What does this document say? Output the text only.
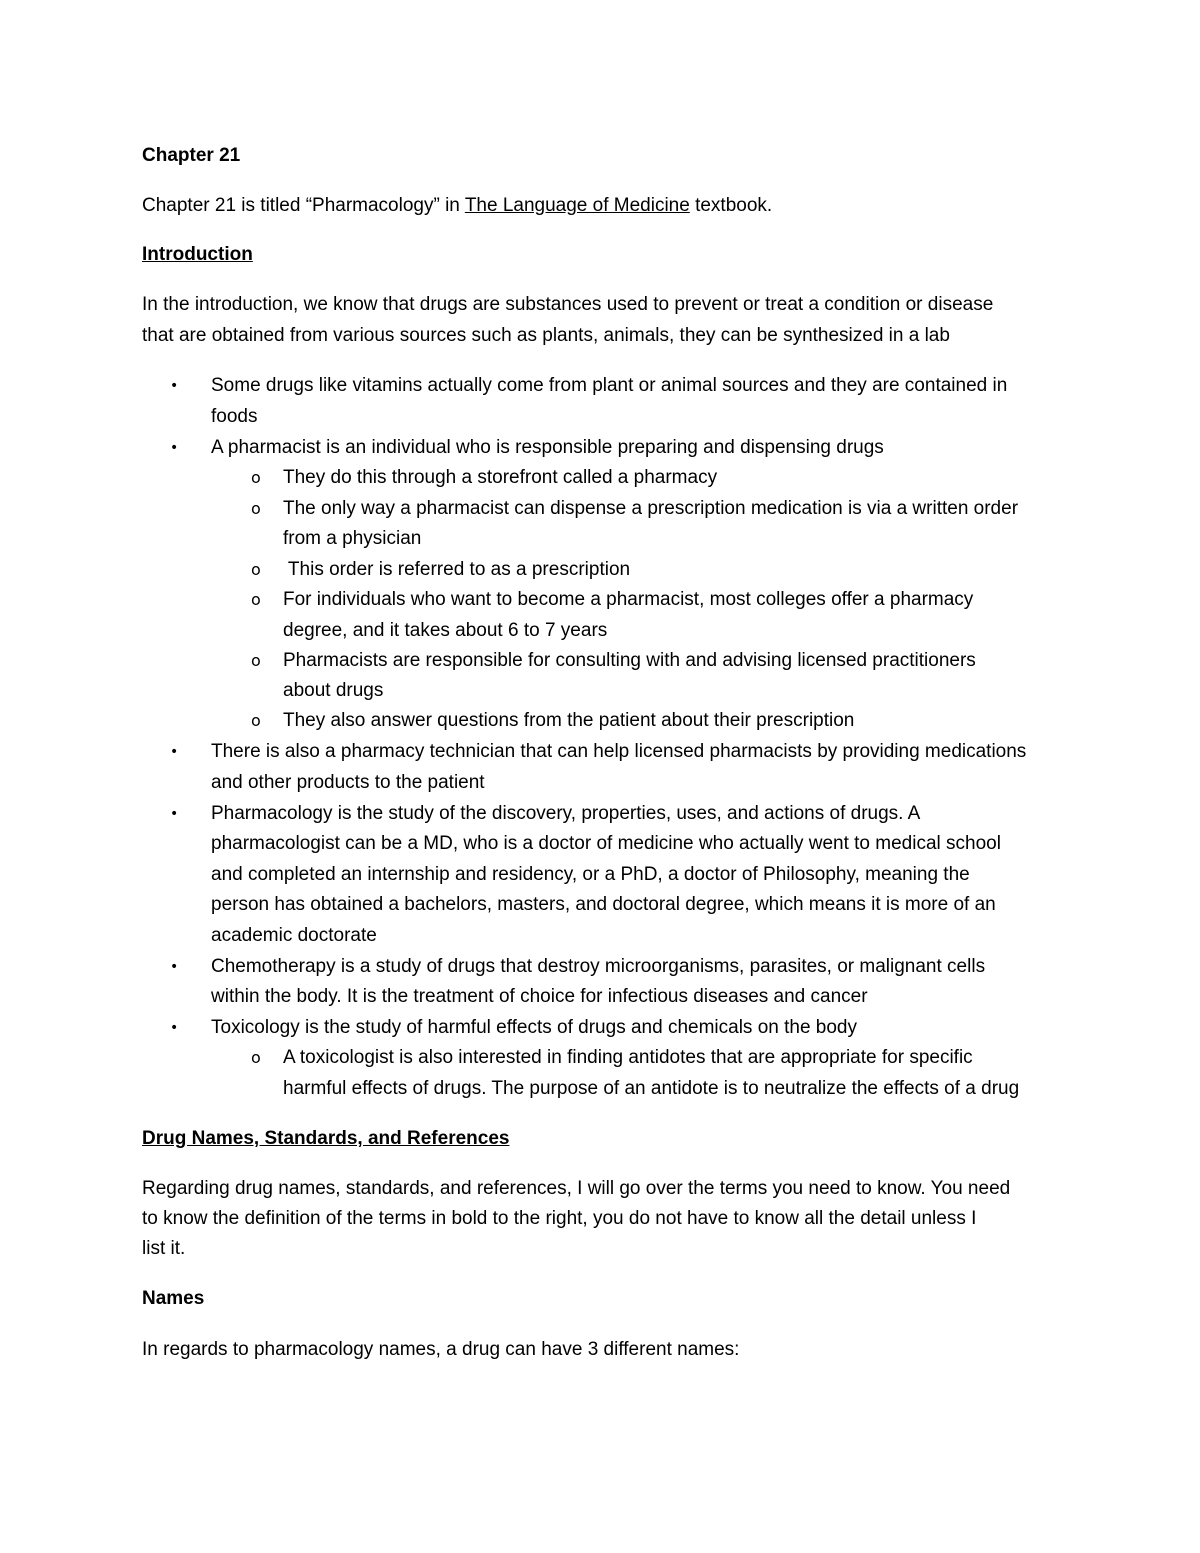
Chapter 21
Chapter 21 is titled “Pharmacology” in The Language of Medicine textbook.
Introduction
In the introduction, we know that drugs are substances used to prevent or treat a condition or disease
that are obtained from various sources such as plants, animals, they can be synthesized in a lab
• Some drugs like vitamins actually come from plant or animal sources and they are contained in
foods
• A pharmacist is an individual who is responsible preparing and dispensing drugs
o They do this through a storefront called a pharmacy
o The only way a pharmacist can dispense a prescription medication is via a written order
from a physician
o This order is referred to as a prescription
o For individuals who want to become a pharmacist, most colleges offer a pharmacy
degree, and it takes about 6 to 7 years
o Pharmacists are responsible for consulting with and advising licensed practitioners
about drugs
o They also answer questions from the patient about their prescription
• There is also a pharmacy technician that can help licensed pharmacists by providing medications
and other products to the patient
• Pharmacology is the study of the discovery, properties, uses, and actions of drugs. A
pharmacologist can be a MD, who is a doctor of medicine who actually went to medical school
and completed an internship and residency, or a PhD, a doctor of Philosophy, meaning the
person has obtained a bachelors, masters, and doctoral degree, which means it is more of an
academic doctorate
• Chemotherapy is a study of drugs that destroy microorganisms, parasites, or malignant cells
within the body. It is the treatment of choice for infectious diseases and cancer
• Toxicology is the study of harmful effects of drugs and chemicals on the body
o A toxicologist is also interested in finding antidotes that are appropriate for specific
harmful effects of drugs. The purpose of an antidote is to neutralize the effects of a drug
Drug Names, Standards, and References
Regarding drug names, standards, and references, I will go over the terms you need to know. You need
to know the definition of the terms in bold to the right, you do not have to know all the detail unless I
list it.
Names
In regards to pharmacology names, a drug can have 3 different names:
